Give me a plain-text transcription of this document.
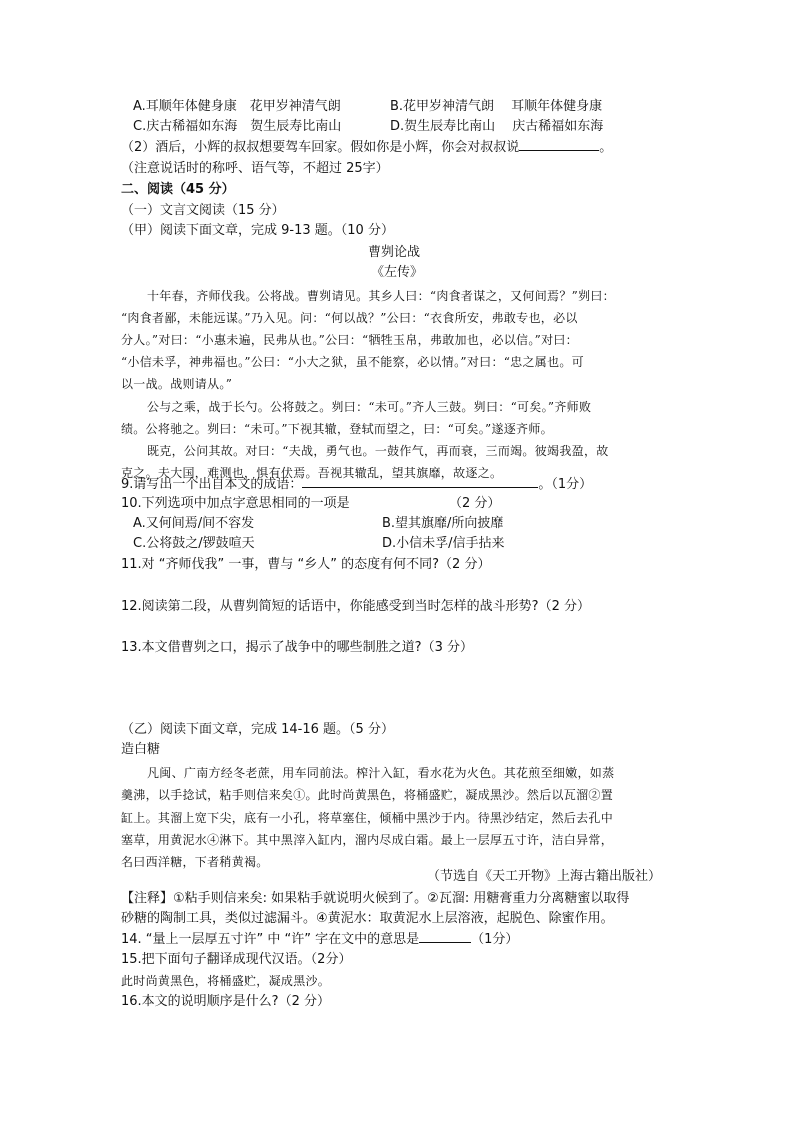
A.耳顺年体健身康　花甲岁神清气朗	B.花甲岁神清气朗　 耳顺年体健身康
C.庆古稀福如东海　贺生辰寿比南山	D.贺生辰寿比南山　 庆古稀福如东海
（2）酒后，小辉的叔叔想要驾车回家。假如你是小辉，你会对叔叔说	。
（注意说话时的称呼、语气等，不超过 25字）
二、阅读（45 分）
（一）文言文阅读（15 分）
（甲）阅读下面文章，完成 9-13 题。（10 分）
曹刿论战
《左传》
十年春，齐师伐我。公将战。曹刿请见。其乡人曰：“肉食者谋之，又何间焉？”刿曰：
“肉食者鄙，未能远谋。”乃入见。问：“何以战？”公曰：“衣食所安，弗敢专也，必以
分人。”对曰：“小惠未遍，民弗从也。”公曰：“牺牲玉帛，弗敢加也，必以信。”对曰：
“小信未孚，神弗福也。”公曰：“小大之狱，虽不能察，必以情。”对曰：“忠之属也。可
以一战。战则请从。”
公与之乘，战于长勺。公将鼓之。刿曰：“未可。”齐人三鼓。刿曰：“可矣。”齐师败
绩。公将驰之。刿曰：“未可。”下视其辙，登轼而望之，曰：“可矣。”遂逐齐师。
既克，公问其故。对曰：“夫战，勇气也。一鼓作气，再而衰，三而竭。彼竭我盈，故
克之。夫大国，难测也，惧有伏焉。吾视其辙乱，望其旗靡，故逐之。
9.请写出一个出自本文的成语：	。（1分）
10.下列选项中加点字意思相同的一项是	（2 分）
A.又何间焉/间不容发	B.望其旗靡/所向披靡
C.公将鼓之/锣鼓喧天	D.小信未孚/信手拈来
11.对 “齐师伐我” 一事，曹与 “乡人” 的态度有何不同?（2 分）
12.阅读第二段，从曹刿简短的话语中，你能感受到当时怎样的战斗形势?（2 分）
13.本文借曹刿之口，揭示了战争中的哪些制胜之道?（3 分）
（乙）阅读下面文章，完成 14-16 题。（5 分）
造白糖
凡闽、广南方经冬老蔗，用车同前法。榨汁入缸，看水花为火色。其花煎至细嫩，如蒸
羹沸，以手捻试，粘手则信来矣①。此时尚黄黑色，将桶盛贮，凝成黑沙。然后以瓦溜②置
缸上。其溜上宽下尖，底有一小孔，将草塞住，倾桶中黑沙于内。待黑沙结定，然后去孔中
塞草，用黄泥水④淋下。其中黑滓入缸内，溜内尽成白霜。最上一层厚五寸许，洁白异常，
名曰西洋糖，下者稍黄褐。
（节选自《天工开物》上海古籍出版社）
【注释】①粘手则信来矣: 如果粘手就说明火候到了。②瓦溜: 用糖膏重力分离糖蜜以取得
砂糖的陶制工具，类似过滤漏斗。④黄泥水：取黄泥水上层溶液，起脱色、除蜜作用。
14. “量上一层厚五寸许” 中 “许” 字在文中的意思是	（1分）
15.把下面句子翻译成现代汉语。（2分）
此时尚黄黑色，将桶盛贮，凝成黑沙。
16.本文的说明顺序是什么?（2 分）
